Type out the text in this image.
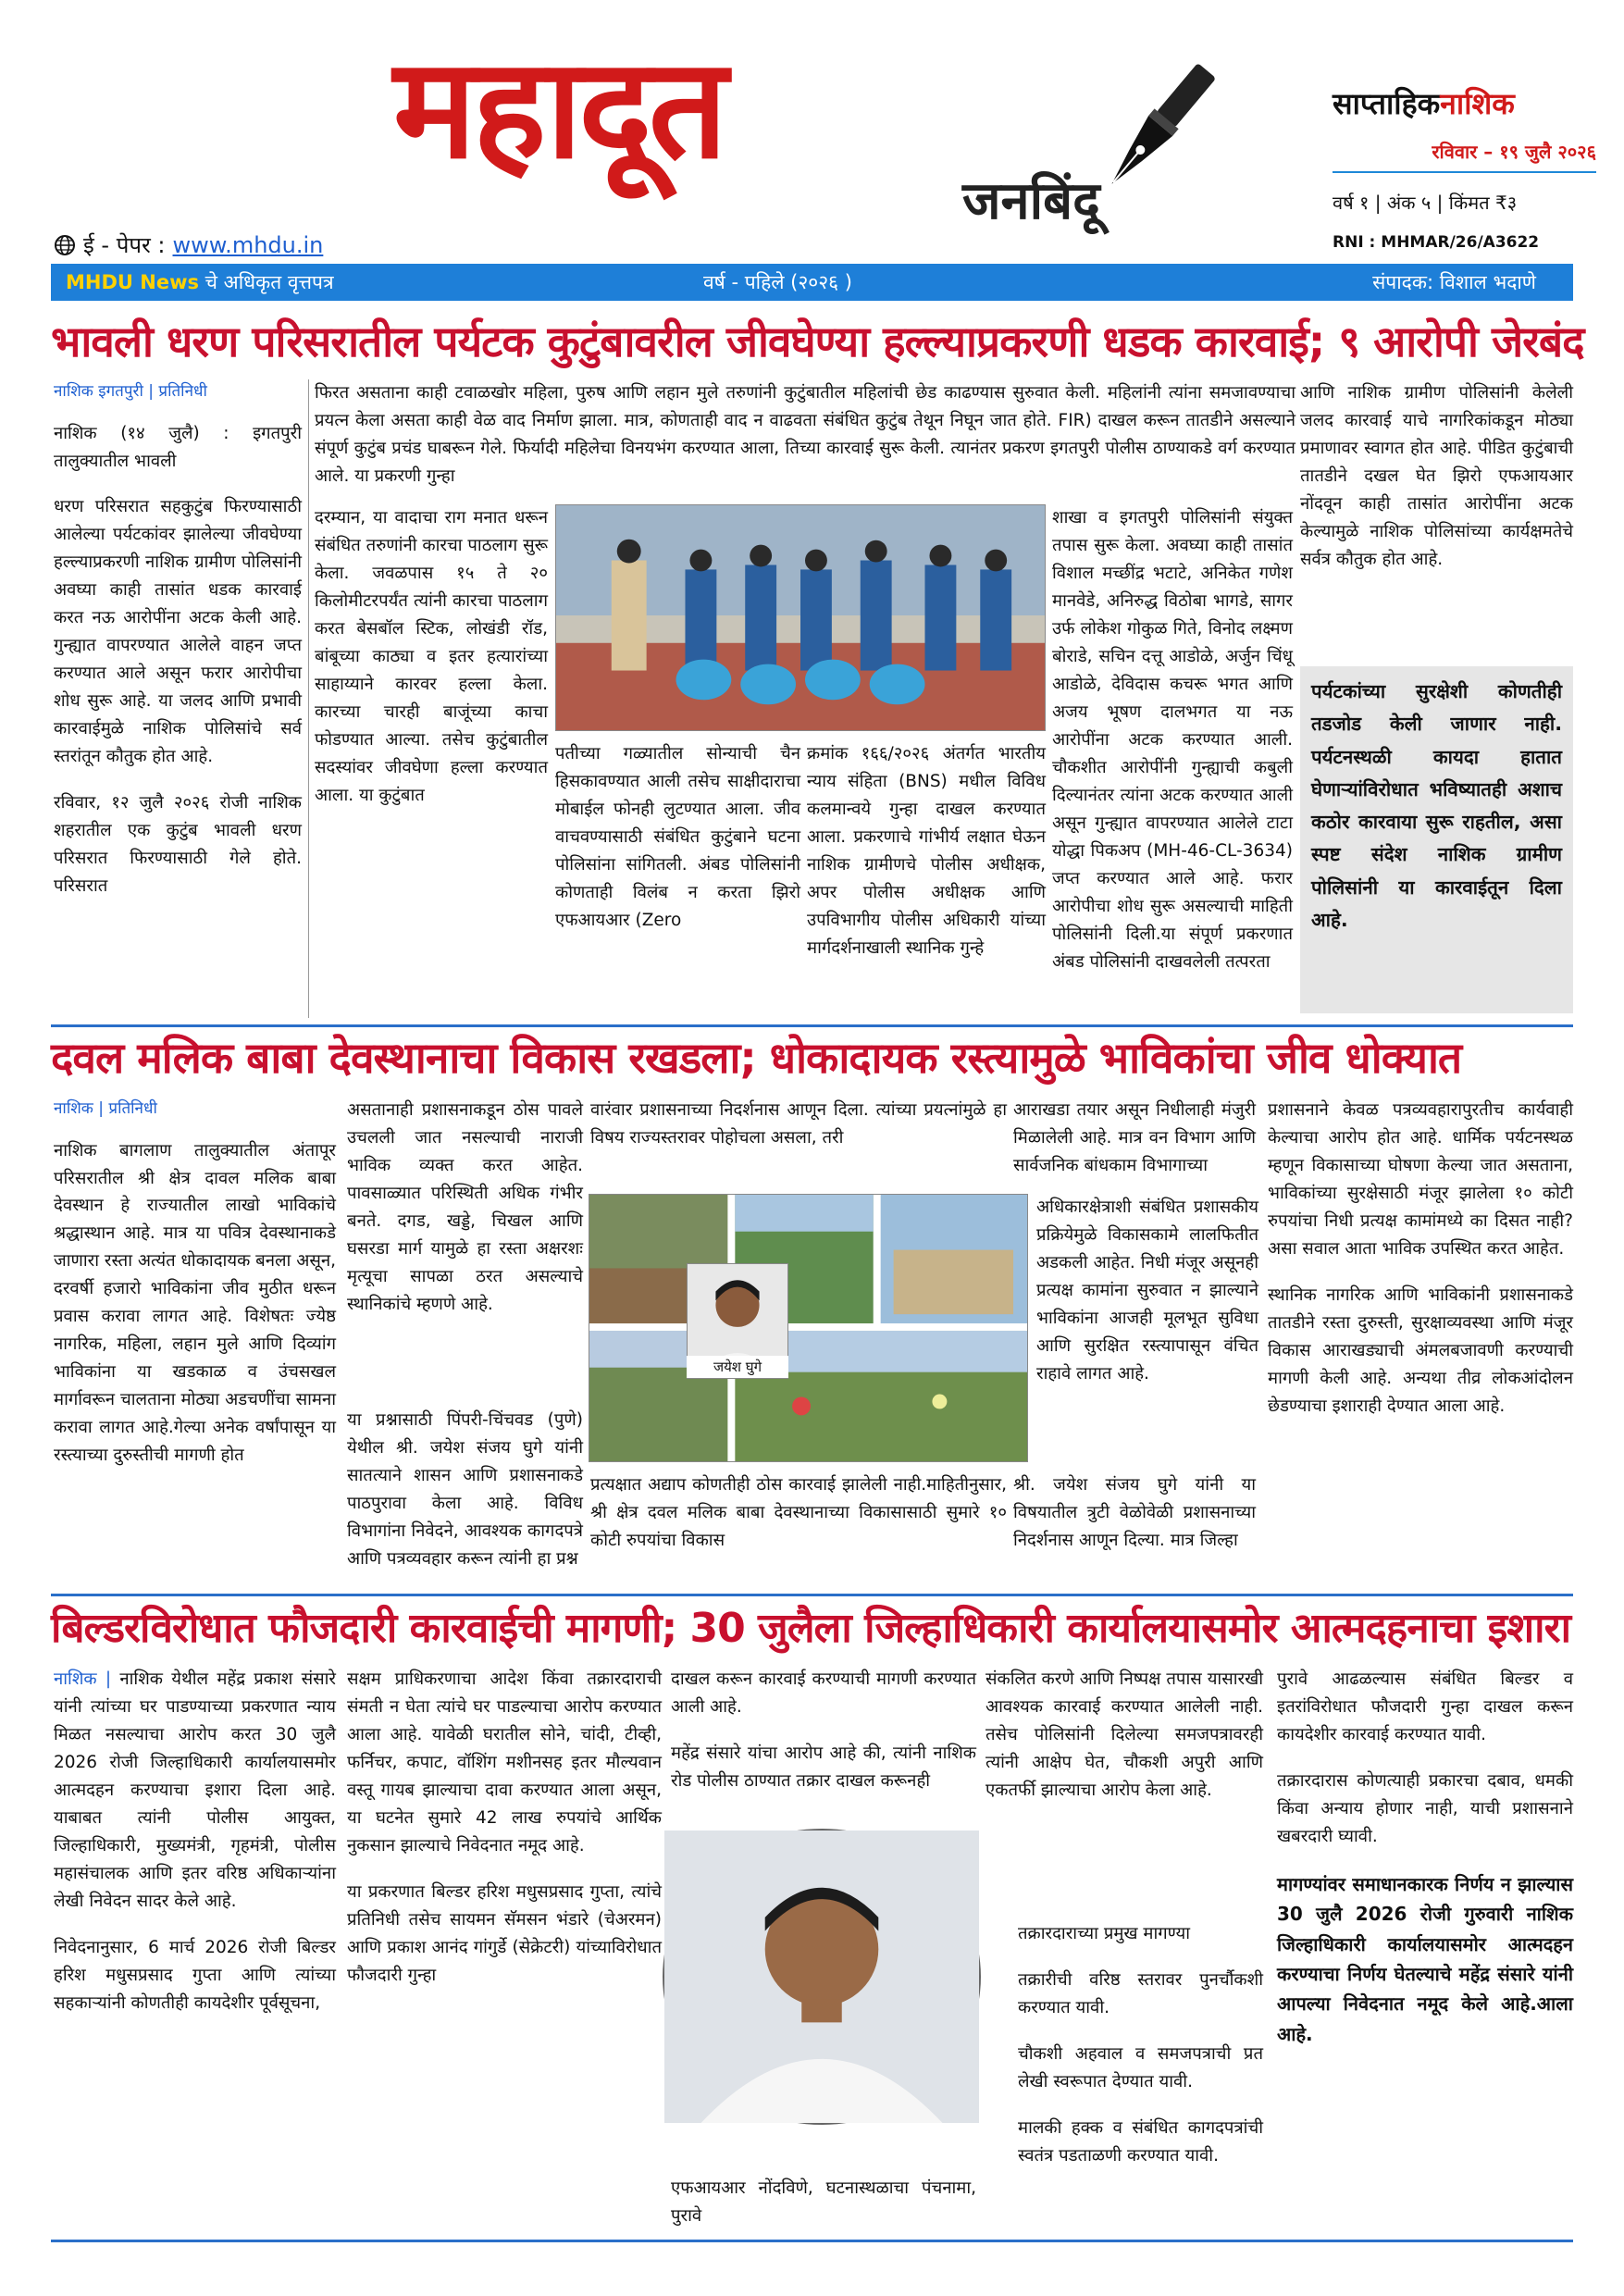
महादूत
जनबिंदू
साप्ताहिकनाशिक
रविवार – १९ जुलै २०२६
वर्ष १ | अंक ५ | किंमत ₹३
RNI : MHMAR/26/A3622
ई - पेपर : www.mhdu.in
MHDU News चे अधिकृत वृत्तपत्र	वर्ष - पहिले (२०२६ )	संपादक: विशाल भदाणे
भावली धरण परिसरातील पर्यटक कुटुंबावरील जीवघेण्या हल्ल्याप्रकरणी धडक कारवाई; ९ आरोपी जेरबंद
नाशिक इगतपुरी | प्रतिनिधी

नाशिक (१४ जुलै) : इगतपुरी तालुक्यातील भावली

धरण परिसरात सहकुटुंब फिरण्यासाठी आलेल्या पर्यटकांवर झालेल्या जीवघेण्या हल्ल्याप्रकरणी नाशिक ग्रामीण पोलिसांनी अवघ्या काही तासांत धडक कारवाई करत नऊ आरोपींना अटक केली आहे. गुन्ह्यात वापरण्यात आलेले वाहन जप्त करण्यात आले असून फरार आरोपीचा शोध सुरू आहे. या जलद आणि प्रभावी कारवाईमुळे नाशिक पोलिसांचे सर्व स्तरांतून कौतुक होत आहे.

रविवार, १२ जुलै २०२६ रोजी नाशिक शहरातील एक कुटुंब भावली धरण परिसरात फिरण्यासाठी गेले होते. परिसरात

फिरत असताना काही टवाळखोर महिला, पुरुष आणि लहान मुले तरुणांनी कुटुंबातील महिलांची छेड काढण्यास सुरुवात केली. महिलांनी त्यांना समजावण्याचा प्रयत्न केला असता काही वेळ वाद निर्माण झाला. मात्र, कोणताही वाद न वाढवता संबंधित कुटुंब तेथून निघून जात होते. FIR) दाखल करून तातडीने असल्याने संपूर्ण कुटुंब प्रचंड घाबरून गेले. फिर्यादी महिलेचा विनयभंग करण्यात आला, तिच्या कारवाई सुरू केली. त्यानंतर प्रकरण इगतपुरी पोलीस ठाण्याकडे वर्ग करण्यात आले. या प्रकरणी गुन्हा

दरम्यान, या वादाचा राग मनात धरून संबंधित तरुणांनी कारचा पाठलाग सुरू केला. जवळपास १५ ते २० किलोमीटरपर्यंत त्यांनी कारचा पाठलाग करत बेसबॉल स्टिक, लोखंडी रॉड, बांबूच्या काठ्या व इतर हत्यारांच्या साहाय्याने कारवर हल्ला केला. कारच्या चारही बाजूंच्या काचा फोडण्यात आल्या. तसेच कुटुंबातील सदस्यांवर जीवघेणा हल्ला करण्यात आला. या कुटुंबात

पतीच्या गळ्यातील सोन्याची चैन हिसकावण्यात आली तसेच साक्षीदाराचा मोबाईल फोनही लुटण्यात आला. जीव वाचवण्यासाठी संबंधित कुटुंबाने घटना पोलिसांना सांगितली. अंबड पोलिसांनी कोणताही विलंब न करता झिरो एफआयआर (Zero

क्रमांक १६६/२०२६ अंतर्गत भारतीय न्याय संहिता (BNS) मधील विविध कलमान्वये गुन्हा दाखल करण्यात आला. प्रकरणाचे गांभीर्य लक्षात घेऊन नाशिक ग्रामीणचे पोलीस अधीक्षक, अपर पोलीस अधीक्षक आणि उपविभागीय पोलीस अधिकारी यांच्या मार्गदर्शनाखाली स्थानिक गुन्हे

शाखा व इगतपुरी पोलिसांनी संयुक्त तपास सुरू केला. अवघ्या काही तासांत विशाल मच्छींद्र भटाटे, अनिकेत गणेश मानवेडे, अनिरुद्ध विठोबा भागडे, सागर उर्फ लोकेश गोकुळ गिते, विनोद लक्ष्मण बोराडे, सचिन दत्तू आडोळे, अर्जुन चिंधू आडोळे, देविदास कचरू भगत आणि अजय भूषण दालभगत या नऊ आरोपींना अटक करण्यात आली. चौकशीत आरोपींनी गुन्ह्याची कबुली दिल्यानंतर त्यांना अटक करण्यात आली असून गुन्ह्यात वापरण्यात आलेले टाटा योद्धा पिकअप (MH-46-CL-3634) जप्त करण्यात आले आहे. फरार आरोपीचा शोध सुरू असल्याची माहिती पोलिसांनी दिली.या संपूर्ण प्रकरणात अंबड पोलिसांनी दाखवलेली तत्परता

आणि नाशिक ग्रामीण पोलिसांनी केलेली जलद कारवाई याचे नागरिकांकडून मोठ्या प्रमाणावर स्वागत होत आहे. पीडित कुटुंबाची तातडीने दखल घेत झिरो एफआयआर नोंदवून काही तासांत आरोपींना अटक केल्यामुळे नाशिक पोलिसांच्या कार्यक्षमतेचे सर्वत्र कौतुक होत आहे.

पर्यटकांच्या सुरक्षेशी कोणतीही तडजोड केली जाणार नाही. पर्यटनस्थळी कायदा हातात घेणाऱ्यांविरोधात भविष्यातही अशाच कठोर कारवाया सुरू राहतील, असा स्पष्ट संदेश नाशिक ग्रामीण पोलिसांनी या कारवाईतून दिला आहे.
दवल मलिक बाबा देवस्थानाचा विकास रखडला; धोकादायक रस्त्यामुळे भाविकांचा जीव धोक्यात
नाशिक | प्रतिनिधी

नाशिक बागलाण तालुक्यातील अंतापूर परिसरातील श्री क्षेत्र दावल मलिक बाबा देवस्थान हे राज्यातील लाखो भाविकांचे श्रद्धास्थान आहे. मात्र या पवित्र देवस्थानाकडे जाणारा रस्ता अत्यंत धोकादायक बनला असून, दरवर्षी हजारो भाविकांना जीव मुठीत धरून प्रवास करावा लागत आहे. विशेषतः ज्येष्ठ नागरिक, महिला, लहान मुले आणि दिव्यांग भाविकांना या खडकाळ व उंचसखल मार्गावरून चालताना मोठ्या अडचणींचा सामना करावा लागत आहे.गेल्या अनेक वर्षांपासून या रस्त्याच्या दुरुस्तीची मागणी होत

असतानाही प्रशासनाकडून ठोस पावले उचलली जात नसल्याची नाराजी भाविक व्यक्त करत आहेत. पावसाळ्यात परिस्थिती अधिक गंभीर बनते. दगड, खड्डे, चिखल आणि घसरडा मार्ग यामुळे हा रस्ता अक्षरशः मृत्यूचा सापळा ठरत असल्याचे स्थानिकांचे म्हणणे आहे.

वारंवार प्रशासनाच्या निदर्शनास आणून दिला. त्यांच्या प्रयत्नांमुळे हा विषय राज्यस्तरावर पोहोचला असला, तरी

आराखडा तयार असून निधीलाही मंजुरी मिळालेली आहे. मात्र वन विभाग आणि सार्वजनिक बांधकाम विभागाच्या

जयेश घुगे

या प्रश्नासाठी पिंपरी-चिंचवड (पुणे) येथील श्री. जयेश संजय घुगे यांनी सातत्याने शासन आणि प्रशासनाकडे पाठपुरावा केला आहे. विविध विभागांना निवेदने, आवश्यक कागदपत्रे आणि पत्रव्यवहार करून त्यांनी हा प्रश्न

अधिकारक्षेत्राशी संबंधित प्रशासकीय प्रक्रियेमुळे विकासकामे लालफितीत अडकली आहेत. निधी मंजूर असूनही प्रत्यक्ष कामांना सुरुवात न झाल्याने भाविकांना आजही मूलभूत सुविधा आणि सुरक्षित रस्त्यापासून वंचित राहावे लागत आहे.

प्रत्यक्षात अद्याप कोणतीही ठोस कारवाई झालेली नाही.माहितीनुसार, श्री क्षेत्र दवल मलिक बाबा देवस्थानाच्या विकासासाठी सुमारे १० कोटी रुपयांचा विकास

श्री. जयेश संजय घुगे यांनी या विषयातील त्रुटी वेळोवेळी प्रशासनाच्या निदर्शनास आणून दिल्या. मात्र जिल्हा

प्रशासनाने केवळ पत्रव्यवहारापुरतीच कार्यवाही केल्याचा आरोप होत आहे. धार्मिक पर्यटनस्थळ म्हणून विकासाच्या घोषणा केल्या जात असताना, भाविकांच्या सुरक्षेसाठी मंजूर झालेला १० कोटी रुपयांचा निधी प्रत्यक्ष कामांमध्ये का दिसत नाही? असा सवाल आता भाविक उपस्थित करत आहेत.

स्थानिक नागरिक आणि भाविकांनी प्रशासनाकडे तातडीने रस्ता दुरुस्ती, सुरक्षाव्यवस्था आणि मंजूर विकास आराखड्याची अंमलबजावणी करण्याची मागणी केली आहे. अन्यथा तीव्र लोकआंदोलन छेडण्याचा इशाराही देण्यात आला आहे.

बिल्डरविरोधात फौजदारी कारवाईची मागणी; 30 जुलैला जिल्हाधिकारी कार्यालयासमोर आत्मदहनाचा इशारा

नाशिक | नाशिक येथील महेंद्र प्रकाश संसारे यांनी त्यांच्या घर पाडण्याच्या प्रकरणात न्याय मिळत नसल्याचा आरोप करत 30 जुलै 2026 रोजी जिल्हाधिकारी कार्यालयासमोर आत्मदहन करण्याचा इशारा दिला आहे. याबाबत त्यांनी पोलीस आयुक्त, जिल्हाधिकारी, मुख्यमंत्री, गृहमंत्री, पोलीस महासंचालक आणि इतर वरिष्ठ अधिकाऱ्यांना लेखी निवेदन सादर केले आहे.

निवेदनानुसार, 6 मार्च 2026 रोजी बिल्डर हरिश मधुसप्रसाद गुप्ता आणि त्यांच्या सहकाऱ्यांनी कोणतीही कायदेशीर पूर्वसूचना,

सक्षम प्राधिकरणाचा आदेश किंवा तक्रारदाराची संमती न घेता त्यांचे घर पाडल्याचा आरोप करण्यात आला आहे. यावेळी घरातील सोने, चांदी, टीव्ही, फर्निचर, कपाट, वॉशिंग मशीनसह इतर मौल्यवान वस्तू गायब झाल्याचा दावा करण्यात आला असून, या घटनेत सुमारे 42 लाख रुपयांचे आर्थिक नुकसान झाल्याचे निवेदनात नमूद आहे.

या प्रकरणात बिल्डर हरिश मधुसप्रसाद गुप्ता, त्यांचे प्रतिनिधी तसेच सायमन सॅमसन भंडारे (चेअरमन) आणि प्रकाश आनंद गांगुर्डे (सेक्रेटरी) यांच्याविरोधात फौजदारी गुन्हा

दाखल करून कारवाई करण्याची मागणी करण्यात आली आहे.

महेंद्र संसारे यांचा आरोप आहे की, त्यांनी नाशिक रोड पोलीस ठाण्यात तक्रार दाखल करूनही

एफआयआर नोंदविणे, घटनास्थळाचा पंचनामा, पुरावे

संकलित करणे आणि निष्पक्ष तपास यासारखी आवश्यक कारवाई करण्यात आलेली नाही. तसेच पोलिसांनी दिलेल्या समजपत्रावरही त्यांनी आक्षेप घेत, चौकशी अपुरी आणि एकतर्फी झाल्याचा आरोप केला आहे.

तक्रारदाराच्या प्रमुख मागण्या

तक्रारीची वरिष्ठ स्तरावर पुनर्चौकशी करण्यात यावी.

चौकशी अहवाल व समजपत्राची प्रत लेखी स्वरूपात देण्यात यावी.

मालकी हक्क व संबंधित कागदपत्रांची स्वतंत्र पडताळणी करण्यात यावी.

पुरावे आढळल्यास संबंधित बिल्डर व इतरांविरोधात फौजदारी गुन्हा दाखल करून कायदेशीर कारवाई करण्यात यावी.

तक्रारदारास कोणत्याही प्रकारचा दबाव, धमकी किंवा अन्याय होणार नाही, याची प्रशासनाने खबरदारी घ्यावी.

मागण्यांवर समाधानकारक निर्णय न झाल्यास 30 जुलै 2026 रोजी गुरुवारी नाशिक जिल्हाधिकारी कार्यालयासमोर आत्मदहन करण्याचा निर्णय घेतल्याचे महेंद्र संसारे यांनी आपल्या निवेदनात नमूद केले आहे.आला आहे.
